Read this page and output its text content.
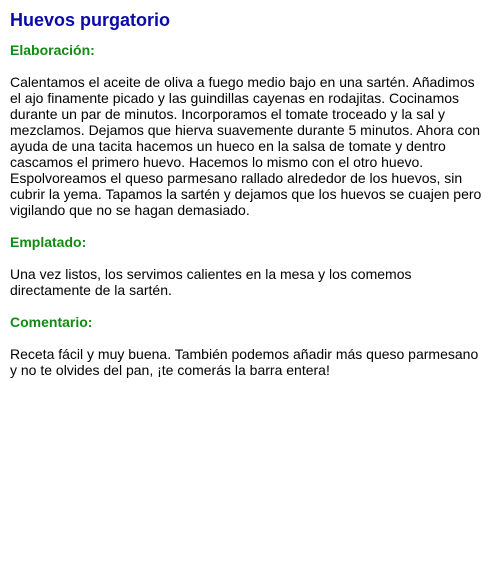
Huevos purgatorio
Elaboración:

Calentamos el aceite de oliva a fuego medio bajo en una sartén. Añadimos el ajo finamente picado y las guindillas cayenas en rodajitas. Cocinamos durante un par de minutos. Incorporamos el tomate troceado y la sal y mezclamos. Dejamos que hierva suavemente durante 5 minutos. Ahora con ayuda de una tacita hacemos un hueco en la salsa de tomate y dentro cascamos el primero huevo. Hacemos lo mismo con el otro huevo. Espolvoreamos el queso parmesano rallado alrededor de los huevos, sin cubrir la yema. Tapamos la sartén y dejamos que los huevos se cuajen pero vigilando que no se hagan demasiado.

Emplatado:

Una vez listos, los servimos calientes en la mesa y los comemos directamente de la sartén.

Comentario:

Receta fácil y muy buena. También podemos añadir más queso parmesano y no te olvides del pan, ¡te comerás la barra entera!
